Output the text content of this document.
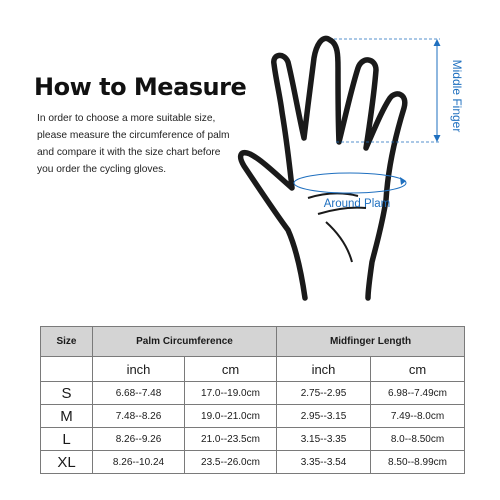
How to Measure
In order to choose a more suitable size,
please measure the circumference of palm
and compare it with the size chart before
you order the cycling gloves.
Middle Finger
Around Plam
Size	Palm Circumference		Midfinger Length	
	inch	cm	inch	cm
S	6.68--7.48	17.0--19.0cm	2.75--2.95	6.98--7.49cm
M	7.48--8.26	19.0--21.0cm	2.95--3.15	7.49--8.0cm
L	8.26--9.26	21.0--23.5cm	3.15--3.35	8.0--8.50cm
XL	8.26--10.24	23.5--26.0cm	3.35--3.54	8.50--8.99cm
